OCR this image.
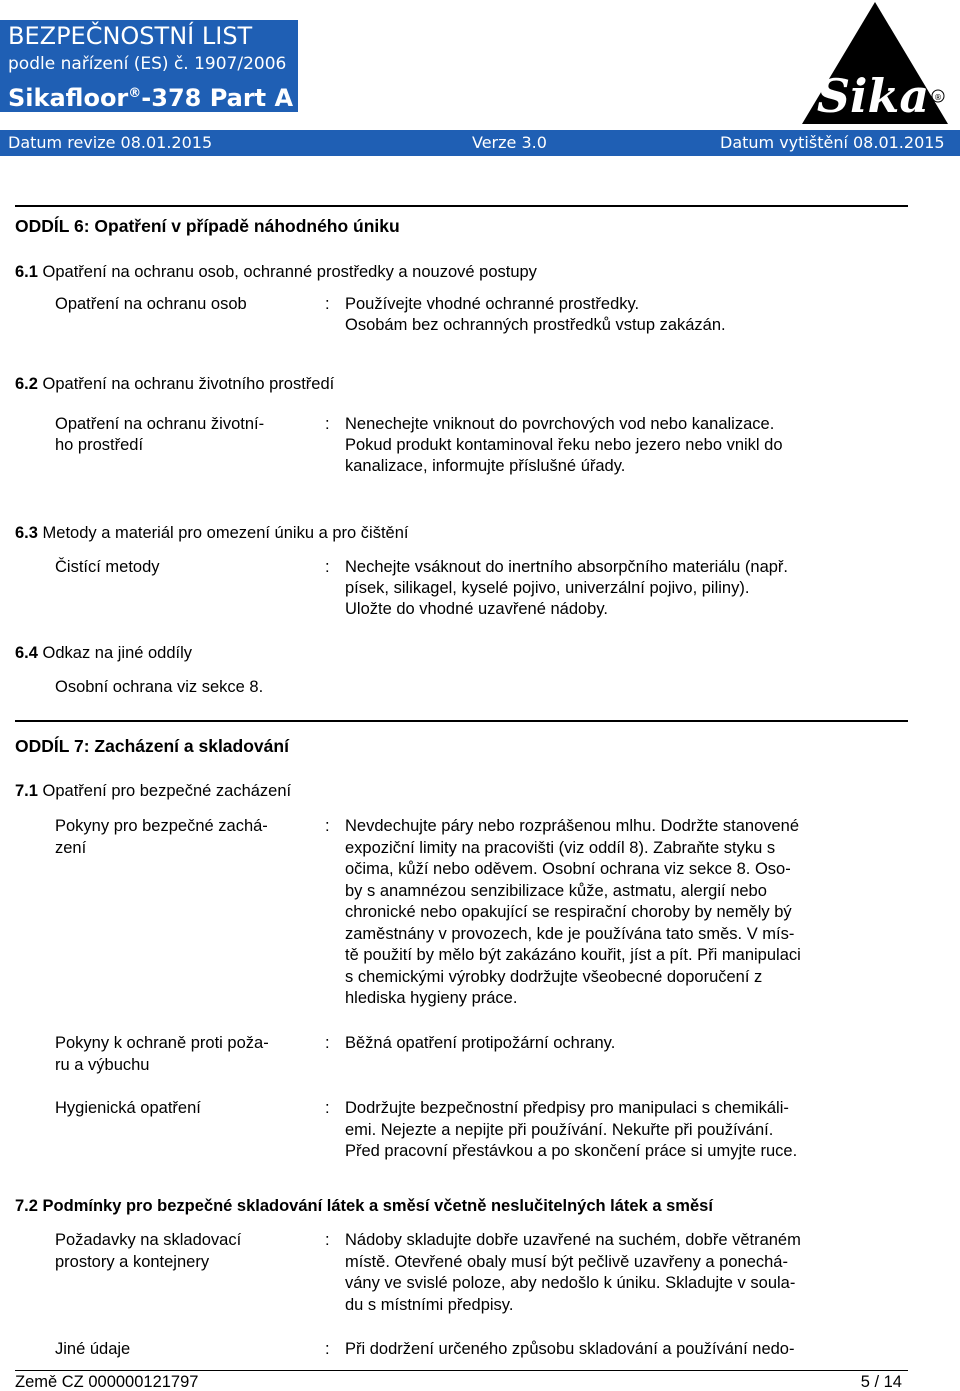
BEZPEČNOSTNÍ LIST
podle nařízení (ES) č. 1907/2006
Sikafloor®-378 Part A
Datum revize 08.01.2015	Verze 3.0	Datum vytištění 08.01.2015
Sika ®
ODDÍL 6: Opatření v případě náhodného úniku
6.1 Opatření na ochranu osob, ochranné prostředky a nouzové postupy
Opatření na ochranu osob	: Používejte vhodné ochranné prostředky.
Osobám bez ochranných prostředků vstup zakázán.
6.2 Opatření na ochranu životního prostředí
Opatření na ochranu životní-
ho prostředí
: Nenechejte vniknout do povrchových vod nebo kanalizace.
Pokud produkt kontaminoval řeku nebo jezero nebo vnikl do
kanalizace, informujte příslušné úřady.
6.3 Metody a materiál pro omezení úniku a pro čištění
Čistící metody	: Nechejte vsáknout do inertního absorpčního materiálu (např.
písek, silikagel, kyselé pojivo, univerzální pojivo, piliny).
Uložte do vhodné uzavřené nádoby.
6.4 Odkaz na jiné oddíly
Osobní ochrana viz sekce 8.
ODDÍL 7: Zacházení a skladování
7.1 Opatření pro bezpečné zacházení
Pokyny pro bezpečné zachá-
zení
: Nevdechujte páry nebo rozprášenou mlhu. Dodržte stanovené
expoziční limity na pracovišti (viz oddíl 8). Zabraňte styku s
očima, kůží nebo oděvem. Osobní ochrana viz sekce 8. Oso-
by s anamnézou senzibilizace kůže, astmatu, alergií nebo
chronické nebo opakující se respirační choroby by neměly bý
zaměstnány v provozech, kde je používána tato směs. V mís-
tě použití by mělo být zakázáno kouřit, jíst a pít. Při manipulaci
s chemickými výrobky dodržujte všeobecné doporučení z
hlediska hygieny práce.
Pokyny k ochraně proti poža-
ru a výbuchu
: Běžná opatření protipožární ochrany.
Hygienická opatření	: Dodržujte bezpečnostní předpisy pro manipulaci s chemikáli-
emi. Nejezte a nepijte při používání. Nekuřte při používání.
Před pracovní přestávkou a po skončení práce si umyjte ruce.
7.2 Podmínky pro bezpečné skladování látek a směsí včetně neslučitelných látek a směsí
Požadavky na skladovací
prostory a kontejnery
: Nádoby skladujte dobře uzavřené na suchém, dobře větraném
místě. Otevřené obaly musí být pečlivě uzavřeny a ponechá-
vány ve svislé poloze, aby nedošlo k úniku. Skladujte v soula-
du s místními předpisy.
Jiné údaje	: Při dodržení určeného způsobu skladování a používání nedo-
Země CZ 000000121797	5 / 14
